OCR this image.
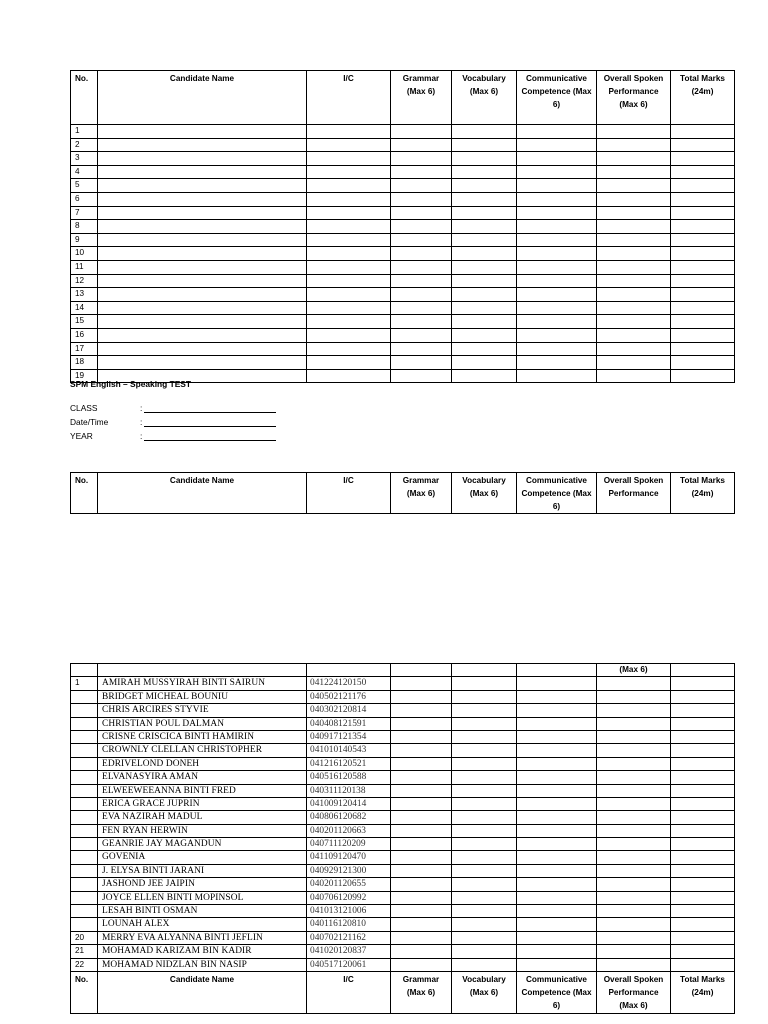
No.	Candidate Name	I/C	Grammar (Max 6)	Vocabulary (Max 6)	Communicative Competence (Max 6)	Overall Spoken Performance (Max 6)	Total Marks (24m)
1							
2							
3							
4							
5							
6							
7							
8							
9							
10							
11							
12							
13							
14							
15							
16							
17							
18							
19							
SPM English – Speaking TEST
CLASS	:
Date/Time	:
YEAR	:
No.	Candidate Name	I/C	Grammar (Max 6)	Vocabulary (Max 6)	Communicative Competence (Max 6)	Overall Spoken Performance	Total Marks (24m)
						(Max 6)	
1	AMIRAH MUSSYIRAH BINTI SAIRUN	041224120150					
	BRIDGET MICHEAL BOUNIU	040502121176					
	CHRIS ARCIRES STYVIE	040302120814					
	CHRISTIAN POUL DALMAN	040408121591					
	CRISNE CRISCICA BINTI HAMIRIN	040917121354					
	CROWNLY CLELLAN CHRISTOPHER	041010140543					
	EDRIVELOND DONEH	041216120521					
	ELVANASYIRA AMAN	040516120588					
	ELWEEWEEANNA BINTI FRED	040311120138					
	ERICA GRACE JUPRIN	041009120414					
	EVA NAZIRAH MADUL	040806120682					
	FEN RYAN HERWIN	040201120663					
	GEANRIE JAY MAGANDUN	040711120209					
	GOVENIA	041109120470					
	J. ELYSA BINTI JARANI	040929121300					
	JASHOND JEE JAIPIN	040201120655					
	JOYCE ELLEN BINTI MOPINSOL	040706120992					
	LESAH BINTI OSMAN	041013121006					
	LOUNAH ALEX	040116120810					
20	MERRY EVA ALYANNA BINTI JEFLIN	040702121162					
21	MOHAMAD KARIZAM BIN KADIR	041020120837					
22	MOHAMAD NIDZLAN BIN NASIP	040517120061					
No.	Candidate Name	I/C	Grammar (Max 6)	Vocabulary (Max 6)	Communicative Competence (Max 6)	Overall Spoken Performance (Max 6)	Total Marks (24m)
